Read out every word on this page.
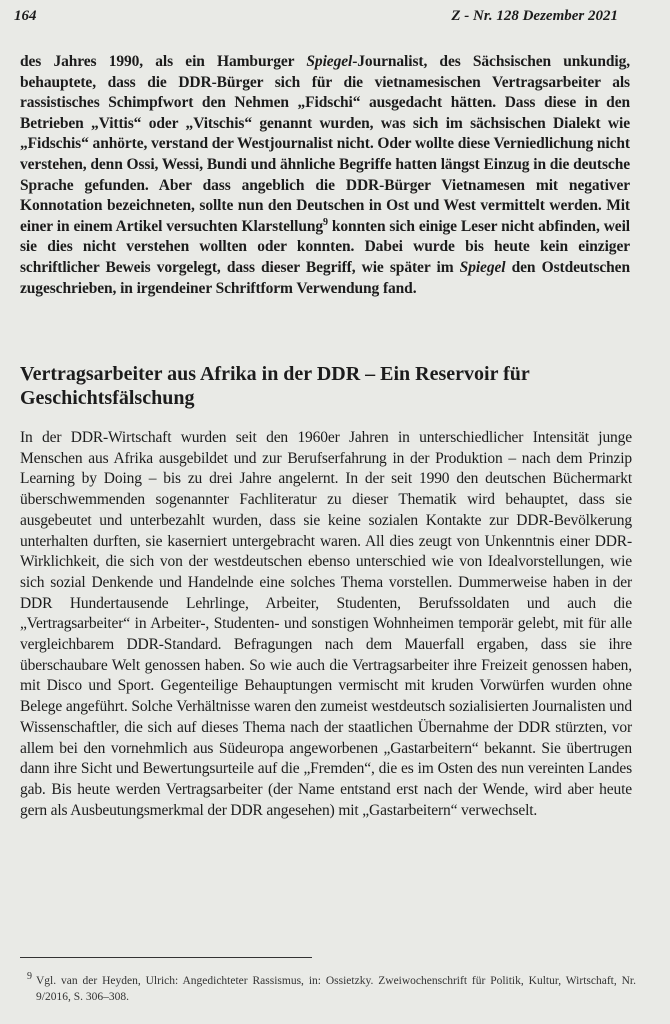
164	Z - Nr. 128 Dezember 2021

des Jahres 1990, als ein Hamburger Spiegel-Journalist, des Sächsischen unkundig, behauptete, dass die DDR-Bürger sich für die vietnamesischen Vertragsarbeiter als rassistisches Schimpfwort den Nehmen „Fidschi“ ausgedacht hätten. Dass diese in den Betrieben „Vittis“ oder „Vitschis“ genannt wurden, was sich im sächsischen Dialekt wie „Fidschis“ anhörte, verstand der Westjournalist nicht. Oder wollte diese Verniedlichung nicht verstehen, denn Ossi, Wessi, Bundi und ähnliche Begriffe hatten längst Einzug in die deutsche Sprache gefunden. Aber dass angeblich die DDR-Bürger Vietnamesen mit negativer Konnotation bezeichneten, sollte nun den Deutschen in Ost und West vermittelt werden. Mit einer in einem Artikel versuchten Klarstellung$^9$ konnten sich einige Leser nicht abfinden, weil sie dies nicht verstehen wollten oder konnten. Dabei wurde bis heute kein einziger schriftlicher Beweis vorgelegt, dass dieser Begriff, wie später im Spiegel den Ostdeutschen zugeschrieben, in irgendeiner Schriftform Verwendung fand.

Vertragsarbeiter aus Afrika in der DDR – Ein Reservoir für Geschichtsfälschung

In der DDR-Wirtschaft wurden seit den 1960er Jahren in unterschiedlicher Intensität junge Menschen aus Afrika ausgebildet und zur Berufserfahrung in der Produktion – nach dem Prinzip Learning by Doing – bis zu drei Jahre angelernt. In der seit 1990 den deutschen Büchermarkt überschwemmenden sogenannter Fachliteratur zu dieser Thematik wird behauptet, dass sie ausgebeutet und unterbezahlt wurden, dass sie keine sozialen Kontakte zur DDR-Bevölkerung unterhalten durften, sie kaserniert untergebracht waren. All dies zeugt von Unkenntnis einer DDR-Wirklichkeit, die sich von der westdeutschen ebenso unterschied wie von Idealvorstellungen, wie sich sozial Denkende und Handelnde eine solches Thema vorstellen. Dummerweise haben in der DDR Hundertausende Lehrlinge, Arbeiter, Studenten, Berufssoldaten und auch die „Vertragsarbeiter“ in Arbeiter-, Studenten- und sonstigen Wohnheimen temporär gelebt, mit für alle vergleichbarem DDR-Standard. Befragungen nach dem Mauerfall ergaben, dass sie ihre überschaubare Welt genossen haben. So wie auch die Vertragsarbeiter ihre Freizeit genossen haben, mit Disco und Sport. Gegenteilige Behauptungen vermischt mit kruden Vorwürfen wurden ohne Belege angeführt. Solche Verhältnisse waren den zumeist westdeutsch sozialisierten Journalisten und Wissenschaftler, die sich auf dieses Thema nach der staatlichen Übernahme der DDR stürzten, vor allem bei den vornehmlich aus Südeuropa angeworbenen „Gastarbeitern“ bekannt. Sie übertrugen dann ihre Sicht und Bewertungsurteile auf die „Fremden“, die es im Osten des nun vereinten Landes gab. Bis heute werden Vertragsarbeiter (der Name entstand erst nach der Wende, wird aber heute gern als Ausbeutungsmerkmal der DDR angesehen) mit „Gastarbeitern“ verwechselt.

9 Vgl. van der Heyden, Ulrich: Angedichteter Rassismus, in: Ossietzky. Zweiwochenschrift für Politik, Kultur, Wirtschaft, Nr. 9/2016, S. 306–308.
